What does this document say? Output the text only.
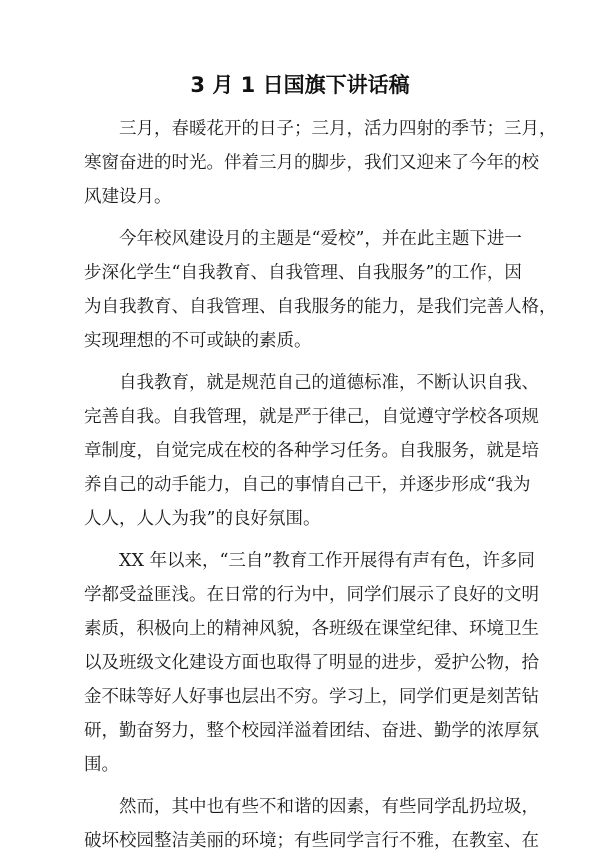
3 月 1 日国旗下讲话稿
三月，春暖花开的日子；三月，活力四射的季节；三月，
寒窗奋进的时光。伴着三月的脚步，我们又迎来了今年的校
风建设月。
今年校风建设月的主题是“爱校”，并在此主题下进一
步深化学生“自我教育、自我管理、自我服务”的工作，因
为自我教育、自我管理、自我服务的能力，是我们完善人格，
实现理想的不可或缺的素质。
自我教育，就是规范自己的道德标准，不断认识自我、
完善自我。自我管理，就是严于律己，自觉遵守学校各项规
章制度，自觉完成在校的各种学习任务。自我服务，就是培
养自己的动手能力，自己的事情自己干，并逐步形成“我为
人人，人人为我”的良好氛围。
XX 年以来，“三自”教育工作开展得有声有色，许多同
学都受益匪浅。在日常的行为中，同学们展示了良好的文明
素质，积极向上的精神风貌，各班级在课堂纪律、环境卫生
以及班级文化建设方面也取得了明显的进步，爱护公物，拾
金不昧等好人好事也层出不穷。学习上，同学们更是刻苦钻
研，勤奋努力，整个校园洋溢着团结、奋进、勤学的浓厚氛
围。
然而，其中也有些不和谐的因素，有些同学乱扔垃圾，
破坏校园整洁美丽的环境；有些同学言行不雅，在教室、在
